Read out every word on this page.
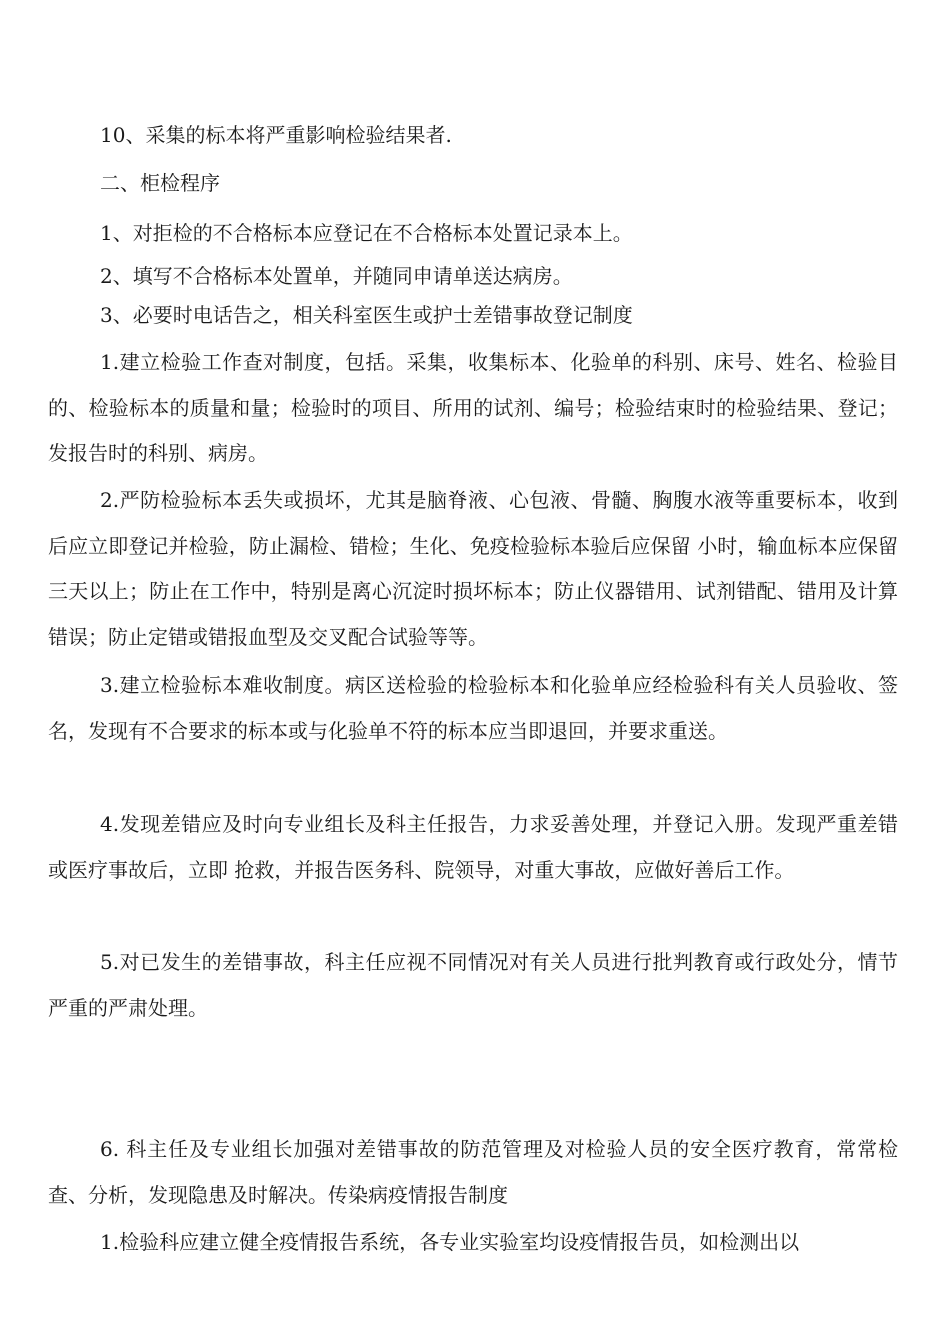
10、采集的标本将严重影响检验结果者.

二、柜检程序

1、对拒检的不合格标本应登记在不合格标本处置记录本上。

2、填写不合格标本处置单，并随同申请单送达病房。

3、必要时电话告之，相关科室医生或护士差错事故登记制度

1.建立检验工作查对制度，包括。采集，收集标本、化验单的科别、床号、姓名、检验目的、检验标本的质量和量；检验时的项目、所用的试剂、编号；检验结束时的检验结果、登记；发报告时的科别、病房。

2.严防检验标本丢失或损坏，尤其是脑脊液、心包液、骨髓、胸腹水液等重要标本，收到后应立即登记并检验，防止漏检、错检；生化、免疫检验标本验后应保留 小时，输血标本应保留三天以上；防止在工作中，特别是离心沉淀时损坏标本；防止仪器错用、试剂错配、错用及计算错误；防止定错或错报血型及交叉配合试验等等。

3.建立检验标本难收制度。病区送检验的检验标本和化验单应经检验科有关人员验收、签名，发现有不合要求的标本或与化验单不符的标本应当即退回，并要求重送。

4.发现差错应及时向专业组长及科主任报告，力求妥善处理，并登记入册。发现严重差错或医疗事故后，立即 抢救，并报告医务科、院领导，对重大事故，应做好善后工作。

5.对已发生的差错事故，科主任应视不同情况对有关人员进行批判教育或行政处分，情节严重的严肃处理。

6. 科主任及专业组长加强对差错事故的防范管理及对检验人员的安全医疗教育，常常检查、分析，发现隐患及时解决。传染病疫情报告制度

1.检验科应建立健全疫情报告系统，各专业实验室均设疫情报告员，如检测出以
